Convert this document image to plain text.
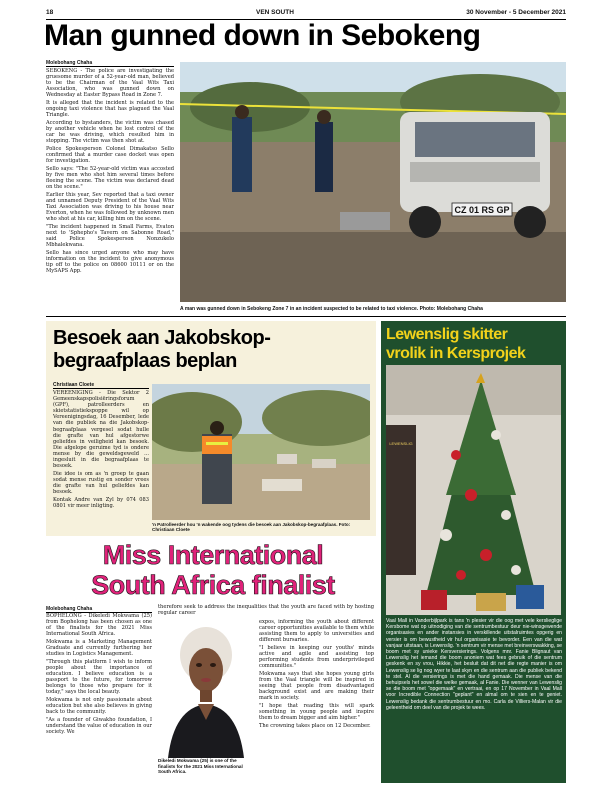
18	VEN SOUTH	30 November - 5 December 2021
Man gunned down in Sebokeng
Molebohang Chaha

SEBOKENG - The police are investigating the gruesome murder of a 52-year-old man, believed to be the Chairman of the Vaal Wits Taxi Association, who was gunned down on Wednesday at Easter Bypass Road in Zone 7.

It is alleged that the incident is related to the ongoing taxi violence that has plagued the Vaal Triangle.

According to bystanders, the victim was chased by another vehicle when he lost control of the car he was driving, which resulted him in stopping. The victim was then shot at.

Police Spokesperson Colonel Dimakatso Sello confirmed that a murder case docket was open for investigation.

Sello says: "The 52-year-old victim was accosted by five men who shot him several times before fleeing the scene. The victim was declared dead on the scene."

Earlier this year, Sev reported that a taxi owner and unnamed Deputy President of the Vaal Wits Taxi Association was driving to his house near Everton, when he was followed by unknown men who shot at his car, killing him on the scene.

"The incident happened in Small Farms, Evaton next to 'Sphepho's Tavern on Sabonne Road," said Police Spokesperson Nonzukelo Mbhalekwana.

Sello has since urged anyone who may have information on the incident to give anonymous tip off to the police on 08600 10111 or on the MySAPS App.

CZ 01 RS GP
A man was gunned down in Sebokeng Zone 7 in an incident suspected to be related to taxi violence. Photo: Molebohang Chaha
Besoek aan Jakobskop-
begraafplaas beplan
Christiaan Cloete

VEREENIGING - Die Sektor 2 Gemeenskapspolisiëringsforum (GPF), patrolleerders en skietstatistiekspoppe wil op Vereenigingsdag, 16 Desember, lede van die publiek na die Jakobskop-begraafplaas vergesel sodat hulle die grafte van hul afgestorwe geliefdes in veiligheid kan besoek. Die afgelope geruime tyd is ondere mense by die geweldsgeweld ... ingesluit in die begraafplaas te besoek.

Die idee is om as 'n groep te gaan sodat mense rustig en sonder vrees die grafte van hul geliefdes kan besoek.

Kontak Andre van Zyl by 074 083 0801 vir meer inligting.

'n Patrolleerder hou 'n wakende oog tydens die besoek aan Jakobskop-begraafplaas. Foto: Christiaan Cloete
Lewenslig skitter
vrolik in Kersprojek
LEWENSLIG
Vaal Mall in Vanderbijlpark is tans 'n plesier vir die oog met vele kerslieglige Kersbome wat op uitnodiging van die sentrumbestuur deur nie-winsgewende organisasies en ander instansies in verskillende uitstalruimtes opgerig en versier is om bewustheid vir hul organisasie te bevorder. Een van die wat vanjaar uitstaan, is Lewenslig. 'n sentrum vir mense met breinverswakking, se boom met sy unieke Kersversierings. Volgens mnr. Fanie Blignaut van Lewenslig het iemand die boom anoniem wat fees gebruik of die sentrum geskenk en sy vrou, Hikkie, het besluit dat dit net die regte manier is om Lewenslig se lig nog wyer te laat skyn en die sentrum aan die publiek bekend te stel. Al die versierings is met die hand gemaak. Die mense van die behuipsels het sowel die welke gemaak, al Fanie. Die wenner van Lewenslig se die boom met "opgemaak" en vertraai, en op 17 November in Vaal Mall voor Incredible Connection "geplant" en almal om te sien en te geniet. Lewenslig bedank die sentrumbestuur en mo. Carla de Villiers-Malan vir die geleentheid om deel van die projek te wees.
Miss International
South Africa finalist
Molebohang Chaha

BOPHELONG - Dikeledi Mokwama (25) from Bophelong has been chosen as one of the finalists for the 2021 Miss International South Africa.

Mokwama is a Marketing Management Graduate and currently furthering her studies in Logistics Management.

"Through this platform I wish to inform people about the importance of education. I believe education is a passport to the future, for tomorrow belongs to those who prepare for it today," says the local beauty.

Mokwama is not only passionate about education but she also believes in giving back to the community.

"As a founder of Giwakho foundation, I understand the value of education in our society. We

therefore seek to address the inequalities that the youth are faced with by hosting regular career
Dikeledi Mokwama (25) is one of the finalists for the 2021 Miss International South Africa.

expos, informing the youth about different career opportunities available to them while assisting them to apply to universities and different bursaries.

"I believe in keeping our youths' minds active and agile and assisting top performing students from underprivileged communities."

Mokwama says that she hopes young girls from the Vaal triangle will be inspired in seeing that people from disadvantaged background exist and are making their mark in society.

"I hope that reading this will spark something in young people and inspire them to dream bigger and aim higher."

The crowning takes place on 12 December.
